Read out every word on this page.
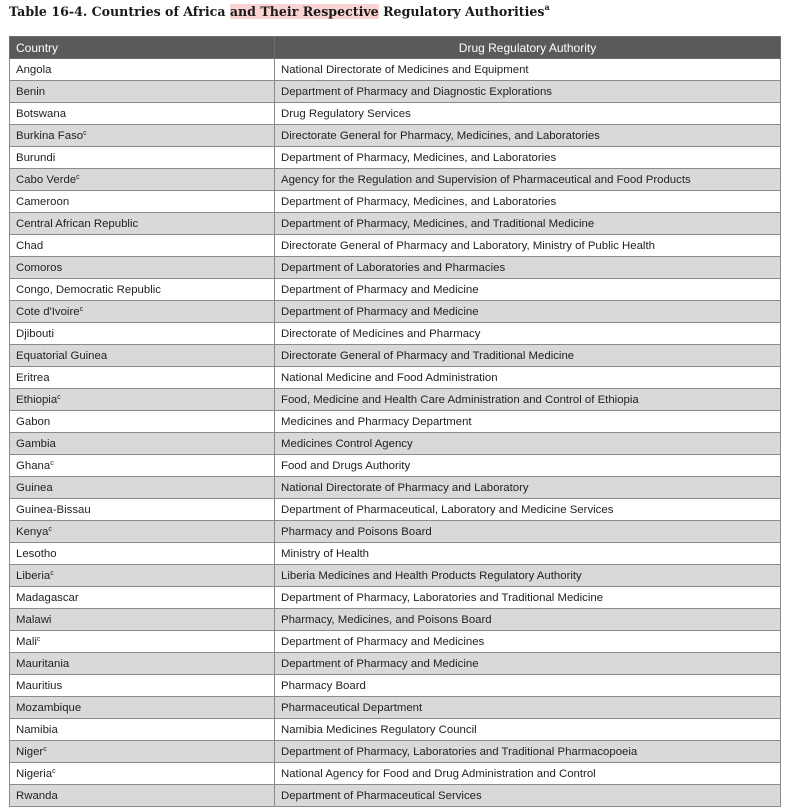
Table 16-4. Countries of Africa and Their Respective Regulatory Authorities$^a$
Country	Drug Regulatory Authority
Angola	National Directorate of Medicines and Equipment
Benin	Department of Pharmacy and Diagnostic Explorations
Botswana	Drug Regulatory Services
Burkina Faso$^c$	Directorate General for Pharmacy, Medicines, and Laboratories
Burundi	Department of Pharmacy, Medicines, and Laboratories
Cabo Verde$^c$	Agency for the Regulation and Supervision of Pharmaceutical and Food Products
Cameroon	Department of Pharmacy, Medicines, and Laboratories
Central African Republic	Department of Pharmacy, Medicines, and Traditional Medicine
Chad	Directorate General of Pharmacy and Laboratory, Ministry of Public Health
Comoros	Department of Laboratories and Pharmacies
Congo, Democratic Republic	Department of Pharmacy and Medicine
Cote d'Ivoire$^c$	Department of Pharmacy and Medicine
Djibouti	Directorate of Medicines and Pharmacy
Equatorial Guinea	Directorate General of Pharmacy and Traditional Medicine
Eritrea	National Medicine and Food Administration
Ethiopia$^c$	Food, Medicine and Health Care Administration and Control of Ethiopia
Gabon	Medicines and Pharmacy Department
Gambia	Medicines Control Agency
Ghana$^c$	Food and Drugs Authority
Guinea	National Directorate of Pharmacy and Laboratory
Guinea-Bissau	Department of Pharmaceutical, Laboratory and Medicine Services
Kenya$^c$	Pharmacy and Poisons Board
Lesotho	Ministry of Health
Liberia$^c$	Liberia Medicines and Health Products Regulatory Authority
Madagascar	Department of Pharmacy, Laboratories and Traditional Medicine
Malawi	Pharmacy, Medicines, and Poisons Board
Mali$^c$	Department of Pharmacy and Medicines
Mauritania	Department of Pharmacy and Medicine
Mauritius	Pharmacy Board
Mozambique	Pharmaceutical Department
Namibia	Namibia Medicines Regulatory Council
Niger$^c$	Department of Pharmacy, Laboratories and Traditional Pharmacopoeia
Nigeria$^c$	National Agency for Food and Drug Administration and Control
Rwanda	Department of Pharmaceutical Services
